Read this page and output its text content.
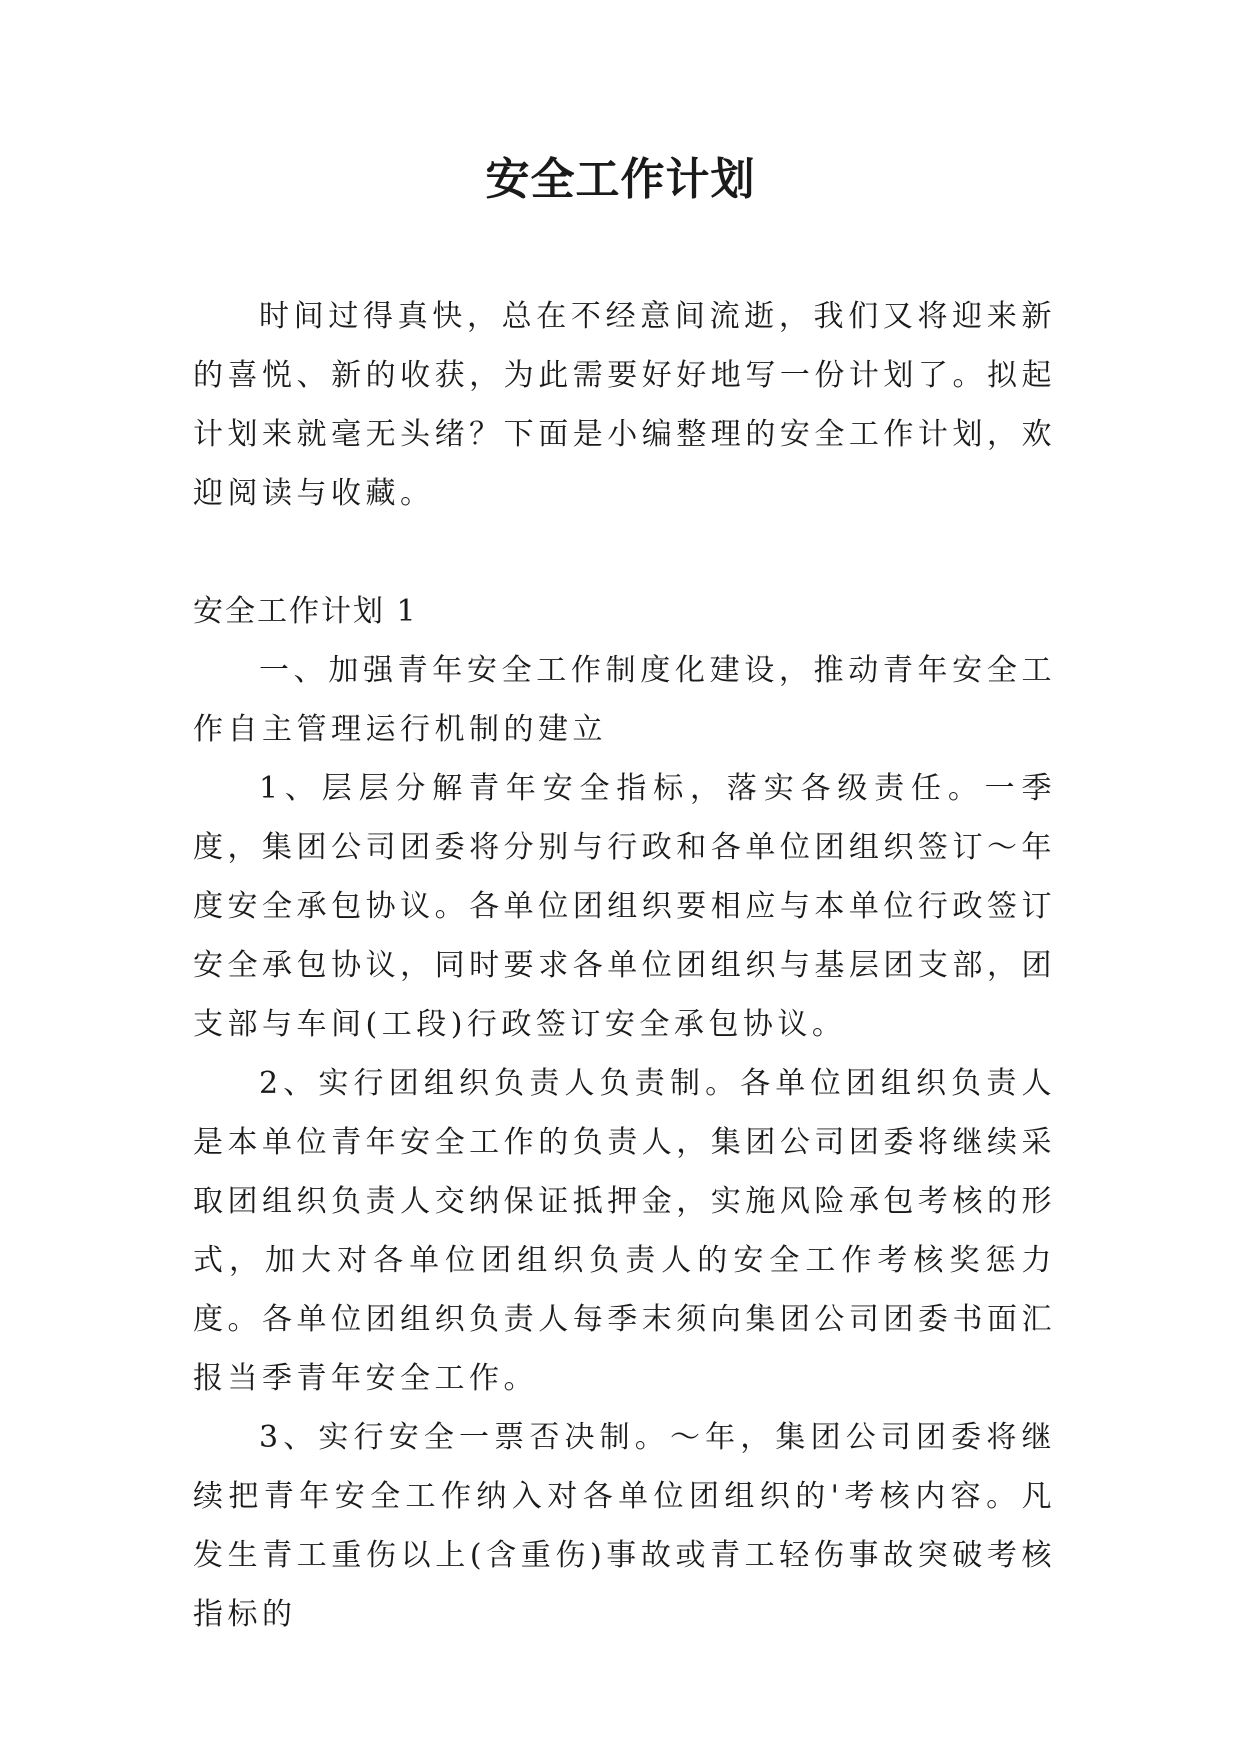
安全工作计划

时间过得真快，总在不经意间流逝，我们又将迎来新的喜悦、新的收获，为此需要好好地写一份计划了。拟起计划来就毫无头绪？下面是小编整理的安全工作计划，欢迎阅读与收藏。

安全工作计划 1

一、加强青年安全工作制度化建设，推动青年安全工作自主管理运行机制的建立

1、层层分解青年安全指标，落实各级责任。一季度，集团公司团委将分别与行政和各单位团组织签订～年度安全承包协议。各单位团组织要相应与本单位行政签订安全承包协议，同时要求各单位团组织与基层团支部，团支部与车间(工段)行政签订安全承包协议。

2、实行团组织负责人负责制。各单位团组织负责人是本单位青年安全工作的负责人，集团公司团委将继续采取团组织负责人交纳保证抵押金，实施风险承包考核的形式，加大对各单位团组织负责人的安全工作考核奖惩力度。各单位团组织负责人每季末须向集团公司团委书面汇报当季青年安全工作。

3、实行安全一票否决制。～年，集团公司团委将继续把青年安全工作纳入对各单位团组织的'考核内容。凡发生青工重伤以上(含重伤)事故或青工轻伤事故突破考核指标的
